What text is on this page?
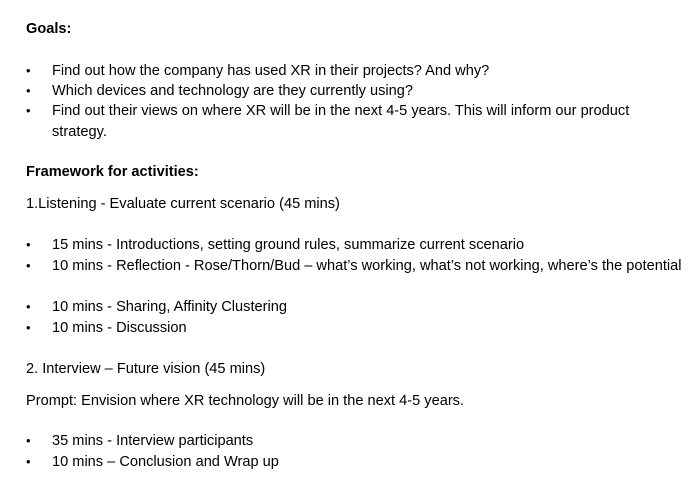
Goals:
•	Find out how the company has used XR in their projects? And why?
•	Which devices and technology are they currently using?
•	Find out their views on where XR will be in the next 4-5 years. This will inform our product strategy.
Framework for activities:
1.Listening - Evaluate current scenario (45 mins)
•	15 mins - Introductions, setting ground rules, summarize current scenario
•	10 mins - Reflection - Rose/Thorn/Bud – what’s working, what’s not working, where’s the potential
•	10 mins - Sharing, Affinity Clustering
•	10 mins - Discussion
2. Interview – Future vision (45 mins)
Prompt: Envision where XR technology will be in the next 4-5 years.
•	35 mins - Interview participants
•	10 mins – Conclusion and Wrap up
